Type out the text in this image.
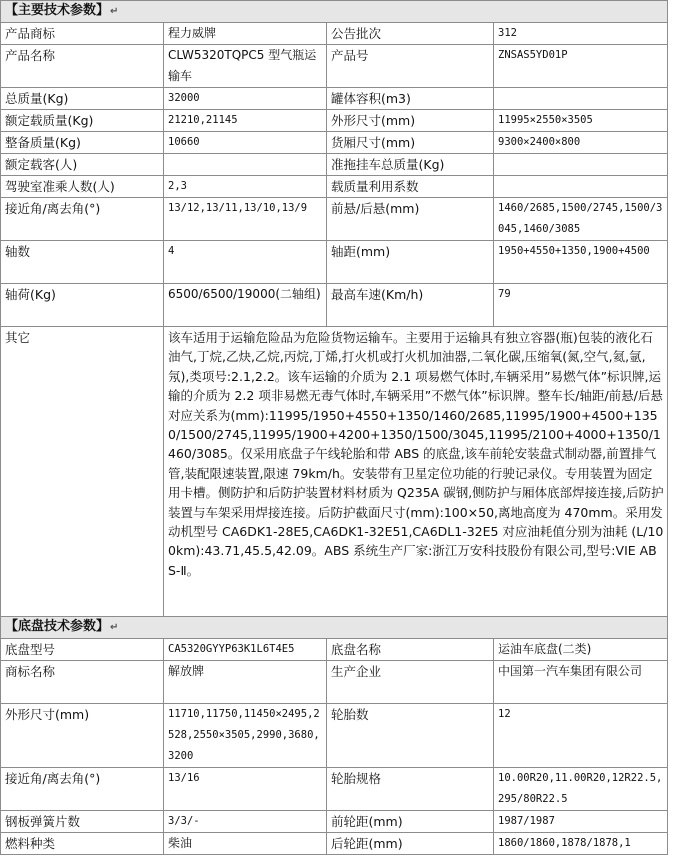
【主要技术参数】↵			
产品商标	程力威牌	公告批次	312
产品名称	CLW5320TQPC5 型气瓶运输车	产品号	ZNSAS5YD01P
总质量(Kg)	32000	罐体容积(m3)	
额定载质量(Kg)	21210,21145	外形尺寸(mm)	11995×2550×3505
整备质量(Kg)	10660	货厢尺寸(mm)	9300×2400×800
额定载客(人)		准拖挂车总质量(Kg)	
驾驶室准乘人数(人)	2,3	载质量利用系数	
接近角/离去角(°)	13/12,13/11,13/10,13/9	前悬/后悬(mm)	1460/2685,1500/2745,1500/3045,1460/3085
轴数	4	轴距(mm)	1950+4550+1350,1900+4500
轴荷(Kg)	6500/6500/19000(二轴组)	最高车速(Km/h)	79
其它	该车适用于运输危险品为危险货物运输车。主要用于运输具有独立容器(瓶)包装的液化石油气,丁烷,乙炔,乙烷,丙烷,丁烯,打火机或打火机加油器,二氧化碳,压缩氧(氮,空气,氦,氩,氖),类项号:2.1,2.2。该车运输的介质为 2.1 项易燃气体时,车辆采用”易燃气体”标识牌,运输的介质为 2.2 项非易燃无毒气体时,车辆采用”不燃气体”标识牌。整车长/轴距/前悬/后悬对应关系为(mm):11995/1950+4550+1350/1460/2685,11995/1900+4500+1350/1500/2745,11995/1900+4200+1350/1500/3045,11995/2100+4000+1350/1460/3085。仅采用底盘子午线轮胎和带 ABS 的底盘,该车前轮安装盘式制动器,前置排气管,装配限速装置,限速 79km/h。安装带有卫星定位功能的行驶记录仪。专用装置为固定用卡槽。侧防护和后防护装置材料材质为 Q235A 碳钢,侧防护与厢体底部焊接连接,后防护装置与车架采用焊接连接。后防护截面尺寸(mm):100×50,离地高度为 470mm。采用发动机型号 CA6DK1-28E5,CA6DK1-32E51,CA6DL1-32E5 对应油耗值分别为油耗 (L/100km):43.71,45.5,42.09。ABS 系统生产厂家:浙江万安科技股份有限公司,型号:VIE ABS-Ⅱ。		
【底盘技术参数】↵			
底盘型号	CA5320GYYP63K1L6T4E5	底盘名称	运油车底盘(二类)
商标名称	解放牌	生产企业	中国第一汽车集团有限公司
外形尺寸(mm)	11710,11750,11450×2495,2528,2550×3505,2990,3680,3200	轮胎数	12
接近角/离去角(°)	13/16	轮胎规格	10.00R20,11.00R20,12R22.5,295/80R22.5
钢板弹簧片数	3/3/-	前轮距(mm)	1987/1987
燃料种类	柴油	后轮距(mm)	1860/1860,1878/1878,1
